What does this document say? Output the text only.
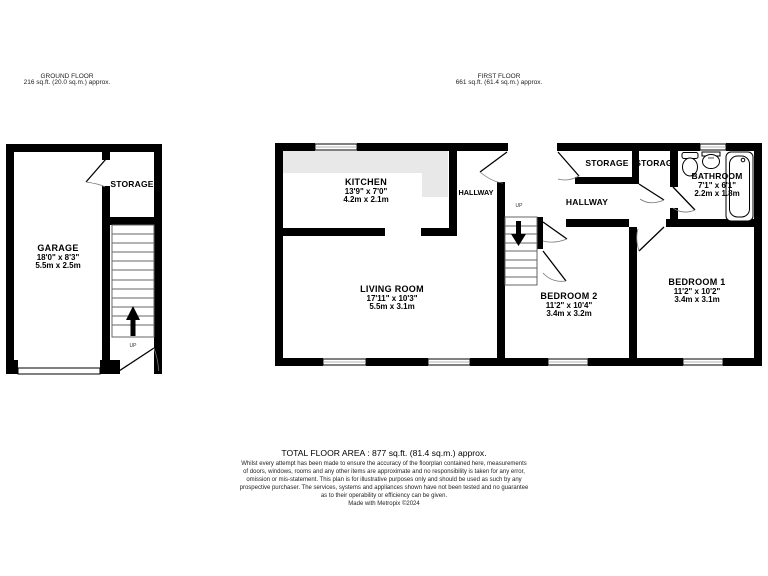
GROUND FLOOR
216 sq.ft. (20.0 sq.m.) approx.
FIRST FLOOR
661 sq.ft. (61.4 sq.m.) approx.
GARAGE
18'0" x 8'3"
5.5m x 2.5m
STORAGE
UP
KITCHEN
13'9" x 7'0"
4.2m x 2.1m
HALLWAY
HALLWAY
STORAGE STORAG
BATHROOM
7'1" x 6'1"
2.2m x 1.8m
LIVING ROOM
17'11" x 10'3"
5.5m x 3.1m
BEDROOM 2
11'2" x 10'4"
3.4m x 3.2m
BEDROOM 1
11'2" x 10'2"
3.4m x 3.1m
UP
TOTAL FLOOR AREA : 877 sq.ft. (81.4 sq.m.) approx.
Whilst every attempt has been made to ensure the accuracy of the floorplan contained here, measurements
of doors, windows, rooms and any other items are approximate and no responsibility is taken for any error,
omission or mis-statement. This plan is for illustrative purposes only and should be used as such by any
prospective purchaser. The services, systems and appliances shown have not been tested and no guarantee
as to their operability or efficiency can be given.
Made with Metropix ©2024
